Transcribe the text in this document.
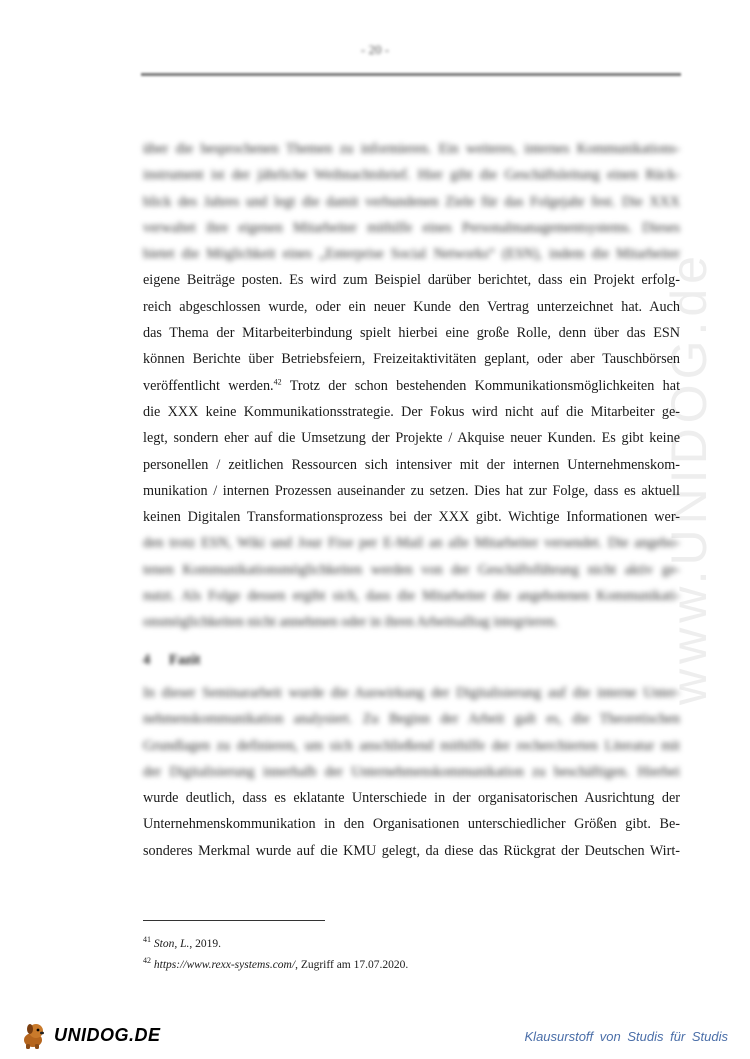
- 20 -
www.UNIDOG.de
über die besprochenen Themen zu informieren. Ein weiteres, internes Kommunikations-
instrument ist der jährliche Weihnachtsbrief. Hier gibt die Geschäftsleitung einen Rück-
blick des Jahres und legt die damit verbundenen Ziele für das Folgejahr fest. Die XXX
verwaltet ihre eigenen Mitarbeiter mithilfe eines Personalmanagementsystems. Dieses
bietet die Möglichkeit eines „Enterprise Social Networks“ (ESN), indem die Mitarbeiter
eigene Beiträge posten. Es wird zum Beispiel darüber berichtet, dass ein Projekt erfolg-
reich abgeschlossen wurde, oder ein neuer Kunde den Vertrag unterzeichnet hat. Auch
das Thema der Mitarbeiterbindung spielt hierbei eine große Rolle, denn über das ESN
können Berichte über Betriebsfeiern, Freizeitaktivitäten geplant, oder aber Tauschbörsen
veröffentlicht werden.$^{42}$ Trotz der schon bestehenden Kommunikationsmöglichkeiten hat
die XXX keine Kommunikationsstrategie. Der Fokus wird nicht auf die Mitarbeiter ge-
legt, sondern eher auf die Umsetzung der Projekte / Akquise neuer Kunden. Es gibt keine
personellen / zeitlichen Ressourcen sich intensiver mit der internen Unternehmenskom-
munikation / internen Prozessen auseinander zu setzen. Dies hat zur Folge, dass es aktuell
keinen Digitalen Transformationsprozess bei der XXX gibt. Wichtige Informationen wer-
den trotz ESN, Wiki und Jour Fixe per E-Mail an alle Mitarbeiter versendet. Die angebo-
tenen Kommunikationsmöglichkeiten werden von der Geschäftsführung nicht aktiv ge-
nutzt. Als Folge dessen ergibt sich, dass die Mitarbeiter die angebotenen Kommunikati-
onsmöglichkeiten nicht annehmen oder in ihren Arbeitsalltag integrieren.
4 Fazit
In dieser Seminararbeit wurde die Auswirkung der Digitalisierung auf die interne Unter-
nehmenskommunikation analysiert. Zu Beginn der Arbeit galt es, die Theoretischen
Grundlagen zu definieren, um sich anschließend mithilfe der recherchierten Literatur mit
der Digitalisierung innerhalb der Unternehmenskommunikation zu beschäftigen. Hierbei
wurde deutlich, dass es eklatante Unterschiede in der organisatorischen Ausrichtung der
Unternehmenskommunikation in den Organisationen unterschiedlicher Größen gibt. Be-
sonderes Merkmal wurde auf die KMU gelegt, da diese das Rückgrat der Deutschen Wirt-
$^{41}$ Ston, L., 2019.
$^{42}$ https://www.rexx-systems.com/, Zugriff am 17.07.2020.
UNIDOG.DE	Klausurstoff von Studis für Studis
